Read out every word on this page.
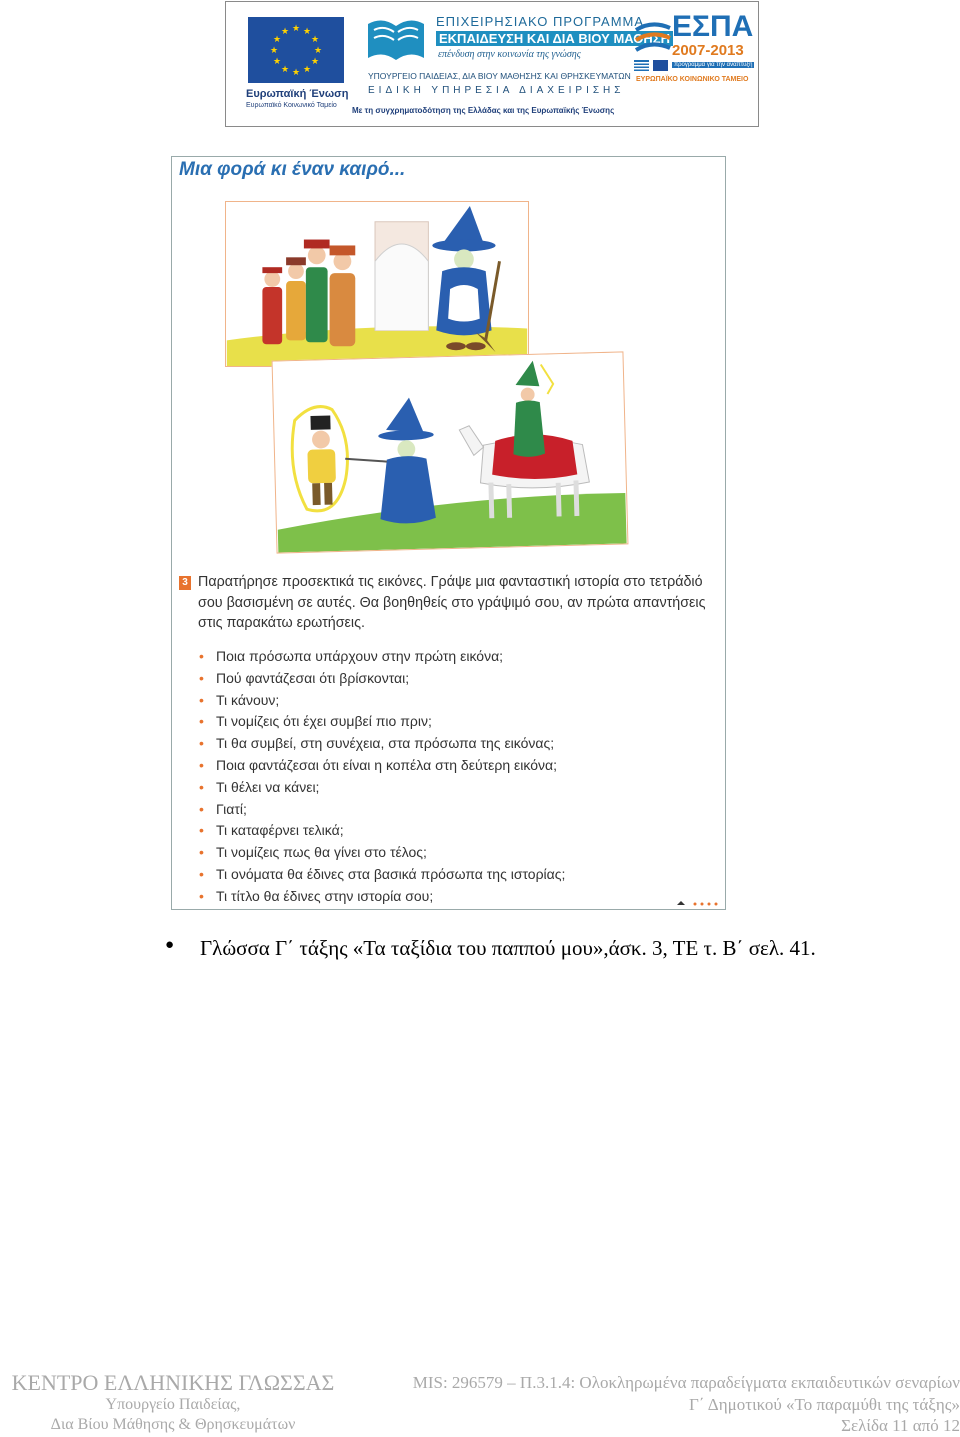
★ ★
★
★
★
★
★
★
★
★
★
★
Ευρωπαϊκή Ένωση
Ευρωπαϊκό Κοινωνικό Ταμείο
ΕΠΙΧΕΙΡΗΣΙΑΚΟ ΠΡΟΓΡΑΜΜΑ
ΕΚΠΑΙΔΕΥΣΗ ΚΑΙ ΔΙΑ ΒΙΟΥ ΜΑΘΗΣΗ
επένδυση στην κοινωνία της γνώσης
ΥΠΟΥΡΓΕΙΟ ΠΑΙΔΕΙΑΣ, ΔΙΑ ΒΙΟΥ ΜΑΘΗΣΗΣ ΚΑΙ ΘΡΗΣΚΕΥΜΑΤΩΝ
ΕΙΔΙΚΗ ΥΠΗΡΕΣΙΑ ΔΙΑΧΕΙΡΙΣΗΣ
Με τη συγχρηματοδότηση της Ελλάδας και της Ευρωπαϊκής Ένωσης
ΕΣΠΑ
2007-2013
πρόγραμμα για την ανάπτυξη
ΕΥΡΩΠΑΪΚΟ ΚΟΙΝΩΝΙΚΟ ΤΑΜΕΙΟ
Μια φορά κι έναν καιρό...
3 Παρατήρησε προσεκτικά τις εικόνες. Γράψε μια φανταστική ιστορία στο τετράδιό σου βασισμένη σε αυτές. Θα βοηθηθείς στο γράψιμό σου, αν πρώτα απαντήσεις στις παρακάτω ερωτήσεις.

• Ποια πρόσωπα υπάρχουν στην πρώτη εικόνα;
• Πού φαντάζεσαι ότι βρίσκονται;
• Τι κάνουν;
• Τι νομίζεις ότι έχει συμβεί πιο πριν;
• Τι θα συμβεί, στη συνέχεια, στα πρόσωπα της εικόνας;
• Ποια φαντάζεσαι ότι είναι η κοπέλα στη δεύτερη εικόνα;
• Τι θέλει να κάνει;
• Γιατί;
• Τι καταφέρνει τελικά;
• Τι νομίζεις πως θα γίνει στο τέλος;
• Τι ονόματα θα έδινες στα βασικά πρόσωπα της ιστορίας;
• Τι τίτλο θα έδινες στην ιστορία σου;
● Γλώσσα Γ΄ τάξης «Τα ταξίδια του παππού μου»,άσκ. 3, ΤΕ τ. Β΄ σελ. 41.
ΚΕΝΤΡΟ ΕΛΛΗΝΙΚΗΣ ΓΛΩΣΣΑΣ
Υπουργείο Παιδείας,
Δια Βίου Μάθησης & Θρησκευμάτων
MIS: 296579 – Π.3.1.4: Ολοκληρωμένα παραδείγματα εκπαιδευτικών σεναρίων
Γ΄ Δημοτικού «Το παραμύθι της τάξης»
Σελίδα 11 από 12
